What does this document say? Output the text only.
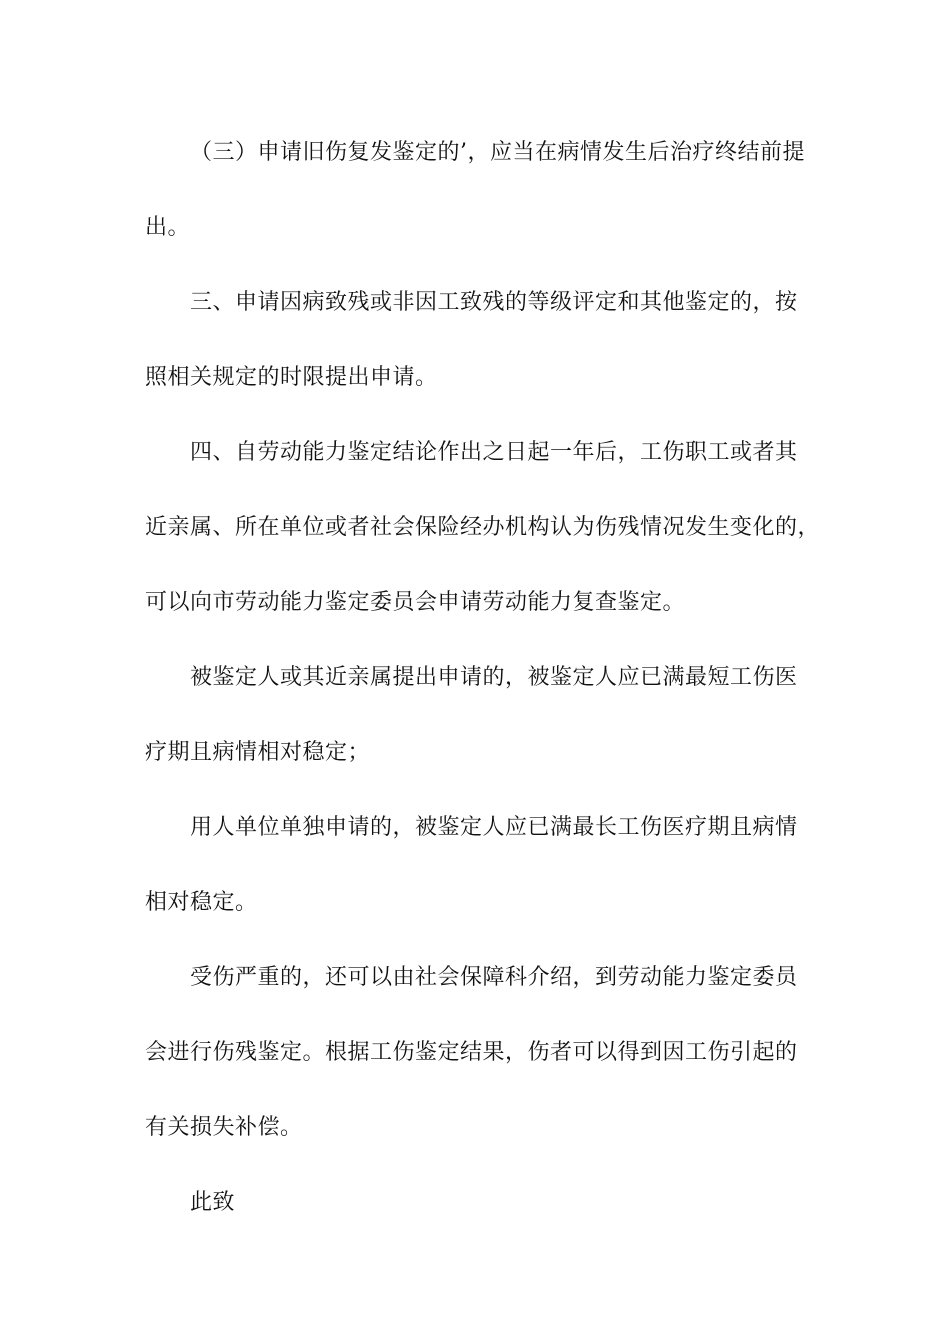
（三）申请旧伤复发鉴定的’，应当在病情发生后治疗终结前提
出。
三、申请因病致残或非因工致残的等级评定和其他鉴定的，按
照相关规定的时限提出申请。
四、自劳动能力鉴定结论作出之日起一年后，工伤职工或者其
近亲属、所在单位或者社会保险经办机构认为伤残情况发生变化的，
可以向市劳动能力鉴定委员会申请劳动能力复查鉴定。
被鉴定人或其近亲属提出申请的，被鉴定人应已满最短工伤医
疗期且病情相对稳定；
用人单位单独申请的，被鉴定人应已满最长工伤医疗期且病情
相对稳定。
受伤严重的，还可以由社会保障科介绍，到劳动能力鉴定委员
会进行伤残鉴定。根据工伤鉴定结果，伤者可以得到因工伤引起的
有关损失补偿。
此致
